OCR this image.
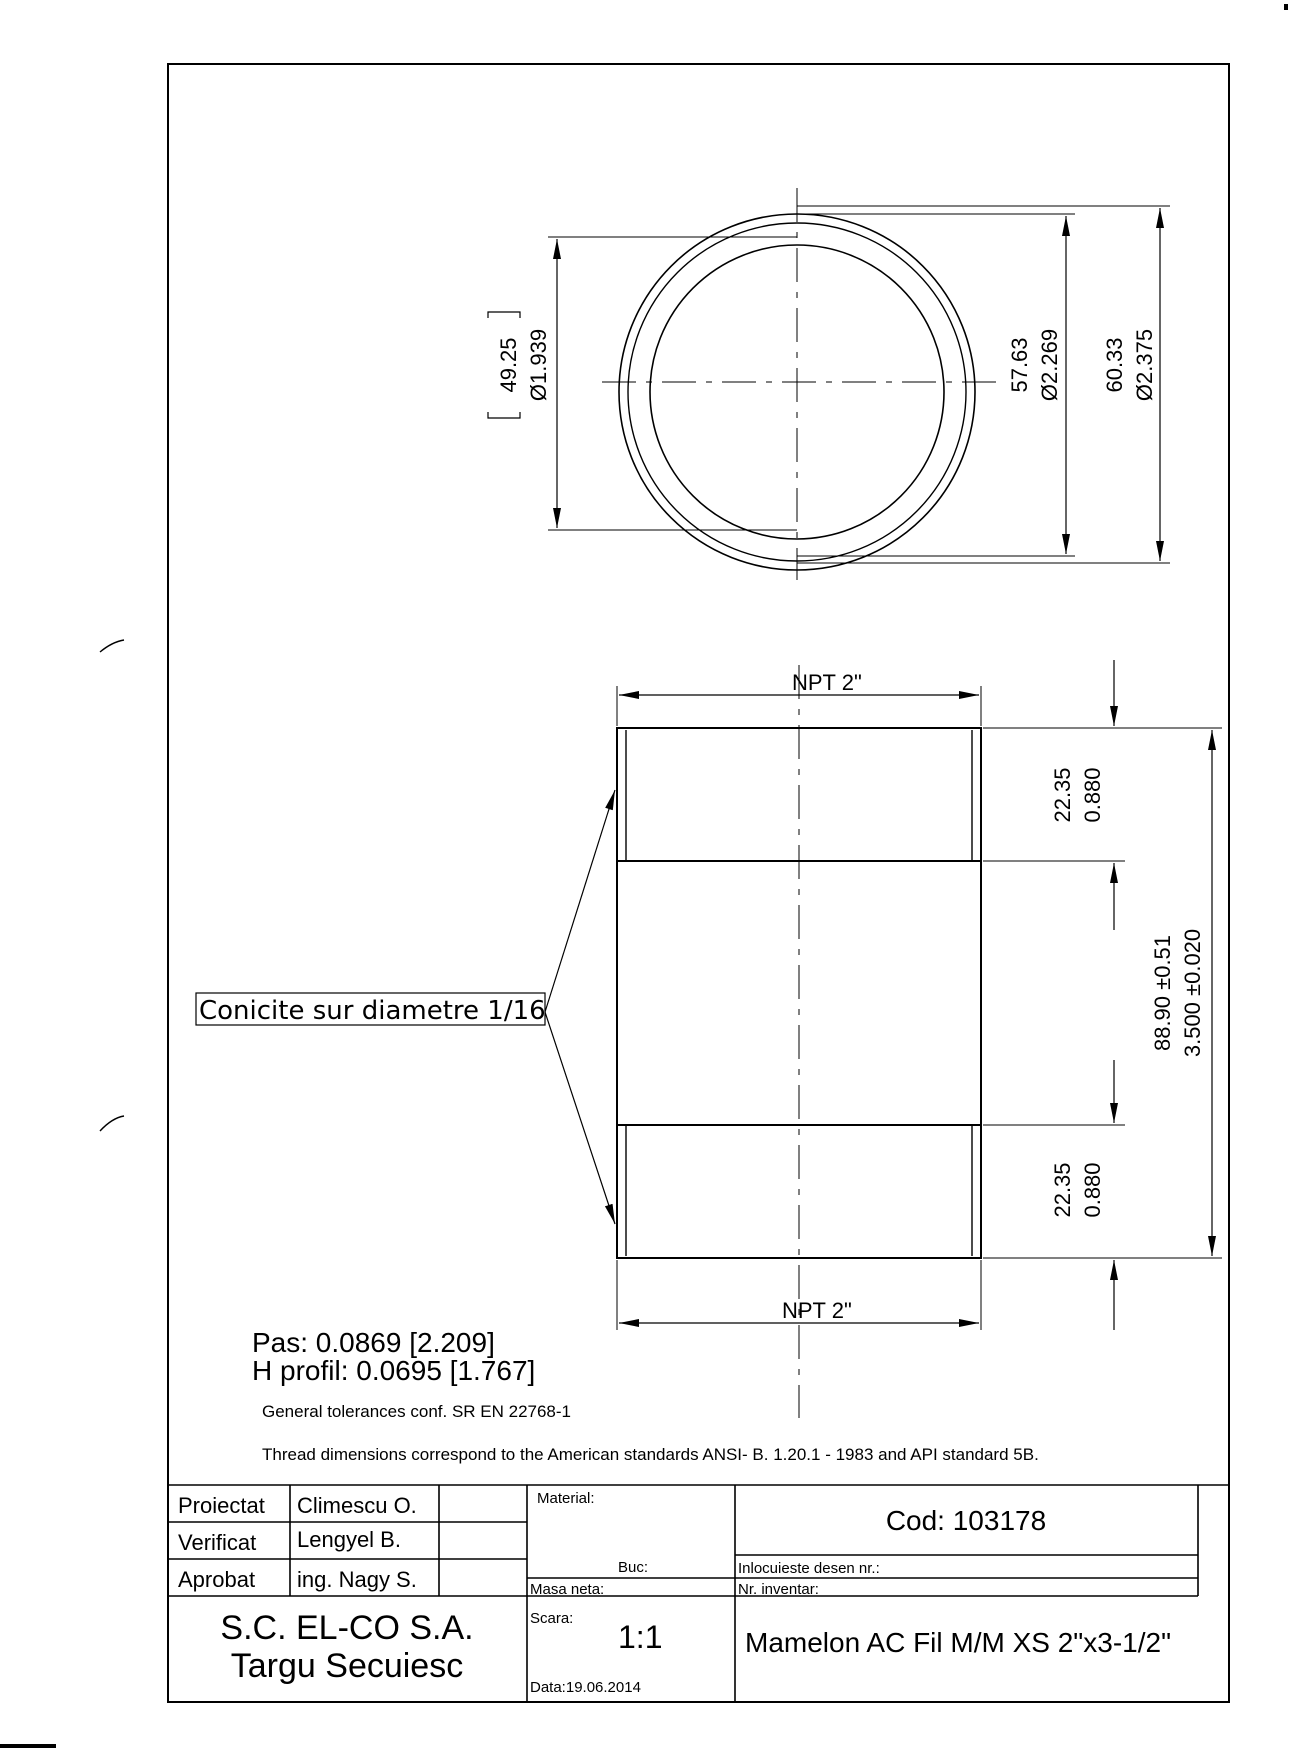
49.25 Ø1.939	57.63 Ø2.269 60.33 Ø2.375
NPT 2"
NPT 2"
22.35 0.880
22.35 0.880
88.90 ±0.51 3.500 ±0.020
Conicite sur diametre 1/16
Pas: 0.0869 [2.209]
H profil: 0.0695 [1.767]
General tolerances conf. SR EN 22768-1
Thread dimensions correspond to the American standards ANSI- B. 1.20.1 - 1983 and API standard 5B.
Proiectat Climescu O.
Verificat Lengyel B.
Aprobat ing. Nagy S.
Material:
Buc:
Masa neta:
Cod: 103178
Inlocuieste desen nr.:
Nr. inventar:
S.C. EL-CO S.A.
Targu Secuiesc
Scara:
1:1
Data:19.06.2014
Mamelon AC Fil M/M XS 2"x3-1/2"
